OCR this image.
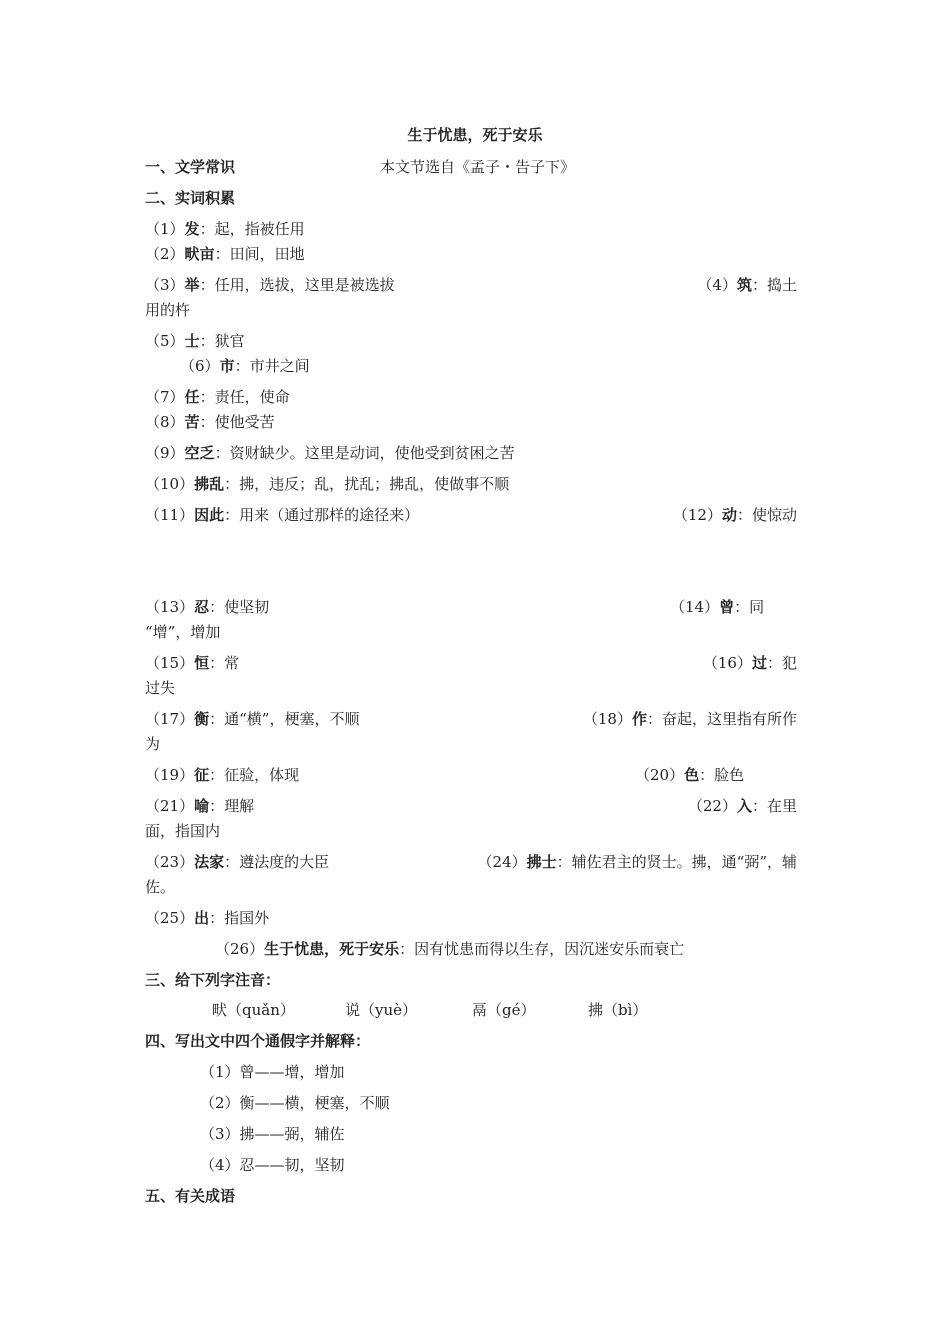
生于忧患，死于安乐
一、文学常识	本文节选自《孟子・告子下》
二、实词积累
（1）发：起，指被任用
（2）畎亩：田间，田地
（3）举：任用，选拔，这里是被选拔	（4）筑：捣土
用的杵
（5）士：狱官
（6）市：市井之间
（7）任：责任，使命
（8）苦：使他受苦
（9）空乏：资财缺少。这里是动词，使他受到贫困之苦
（10）拂乱：拂，违反；乱，扰乱；拂乱，使做事不顺
（11）因此：用来（通过那样的途径来）	（12）动：使惊动
（13）忍：使坚韧	（14）曾：同
“增”，增加
（15）恒：常	（16）过：犯
过失
（17）衡：通“横”，梗塞，不顺	（18）作：奋起，这里指有所作
为
（19）征：征验，体现	（20）色：脸色
（21）喻：理解	（22）入：在里
面，指国内
（23）法家：遵法度的大臣	（24）拂士：辅佐君主的贤士。拂，通“弼”，辅
佐。
（25）出：指国外
（26）生于忧患，死于安乐：因有忧患而得以生存，因沉迷安乐而衰亡
三、给下列字注音：
畎（quǎn）	说（yuè）	鬲（gé）	拂（bì）
四、写出文中四个通假字并解释：
（1）曾——增，增加
（2）衡——横，梗塞，不顺
（3）拂——弼，辅佐
（4）忍——韧，坚韧
五、有关成语
